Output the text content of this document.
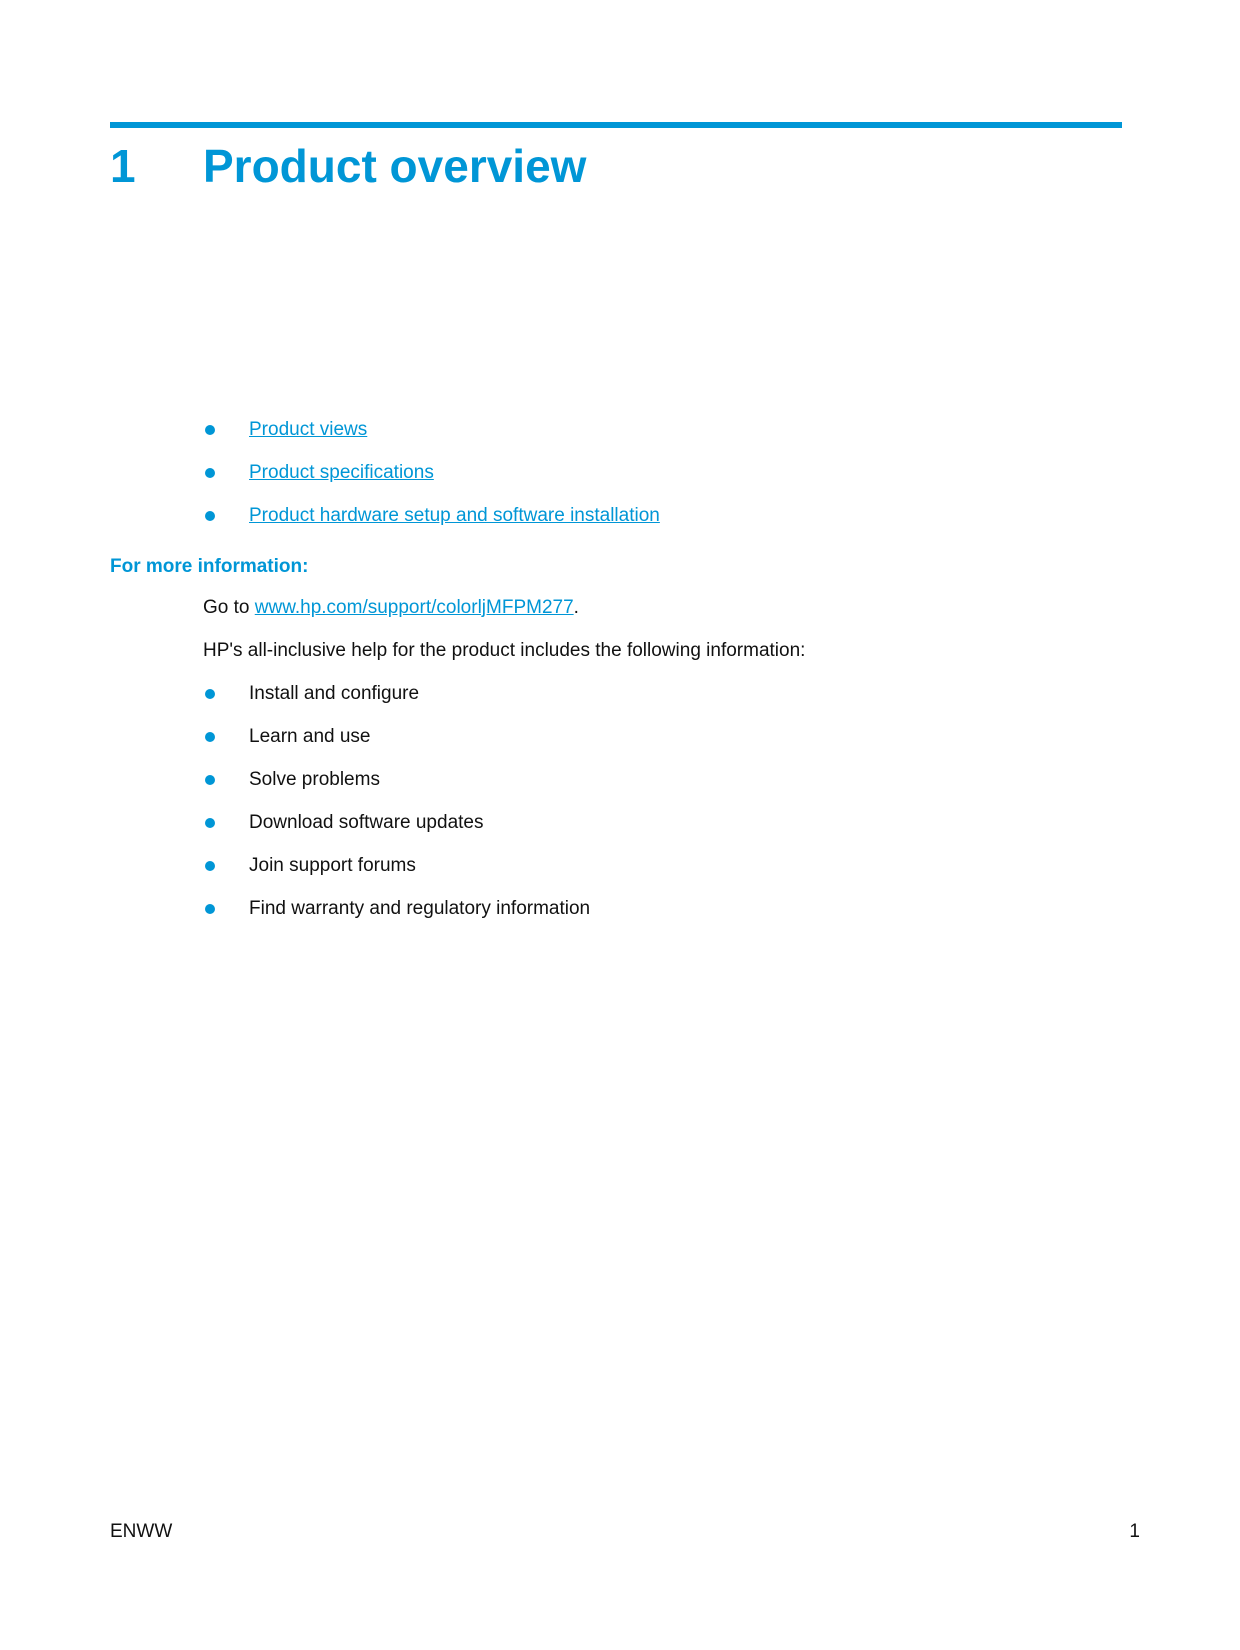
1 Product overview
Product views
Product specifications
Product hardware setup and software installation
For more information:
Go to www.hp.com/support/colorljMFPM277.
HP's all-inclusive help for the product includes the following information:
Install and configure
Learn and use
Solve problems
Download software updates
Join support forums
Find warranty and regulatory information
ENWW	1
